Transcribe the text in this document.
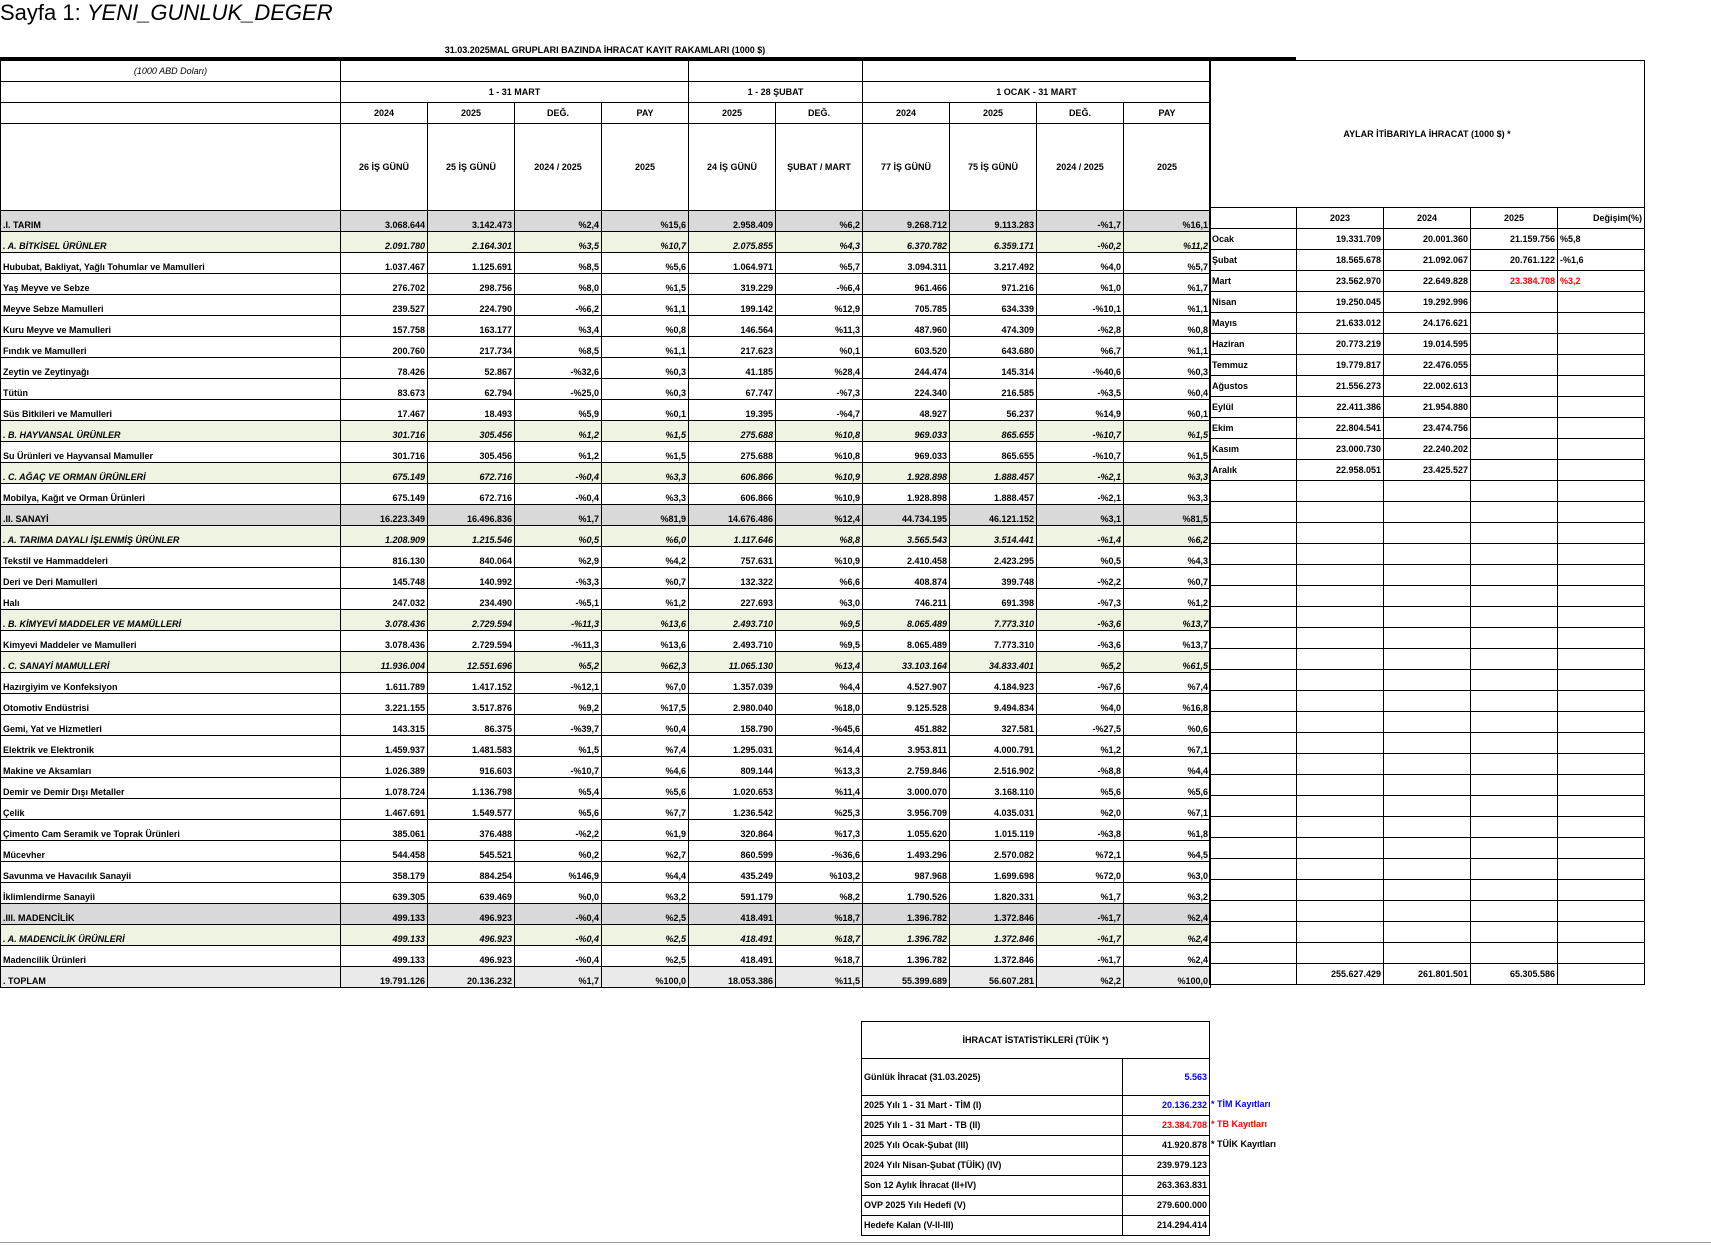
Sayfa 1: YENI_GUNLUK_DEGER
31.03.2025MAL GRUPLARI BAZINDA İHRACAT KAYIT RAKAMLARI (1000 $)
(1000 ABD Doları)										
	1 - 31 MART				1 - 28 ŞUBAT		1 OCAK - 31 MART			
	2024	2025	DEĞ.	PAY	2025	DEĞ.	2024	2025	DEĞ.	PAY
	26 İŞ GÜNÜ	25 İŞ GÜNÜ	2024 / 2025	2025	24 İŞ GÜNÜ	ŞUBAT / MART	77 İŞ GÜNÜ	75 İŞ GÜNÜ	2024 / 2025	2025
.I. TARIM	3.068.644	3.142.473	%2,4	%15,6	2.958.409	%6,2	9.268.712	9.113.283	-%1,7	%16,1
. A. BİTKİSEL ÜRÜNLER	2.091.780	2.164.301	%3,5	%10,7	2.075.855	%4,3	6.370.782	6.359.171	-%0,2	%11,2
Hububat, Bakliyat, Yağlı Tohumlar ve Mamulleri	1.037.467	1.125.691	%8,5	%5,6	1.064.971	%5,7	3.094.311	3.217.492	%4,0	%5,7
Yaş Meyve ve Sebze	276.702	298.756	%8,0	%1,5	319.229	-%6,4	961.466	971.216	%1,0	%1,7
Meyve Sebze Mamulleri	239.527	224.790	-%6,2	%1,1	199.142	%12,9	705.785	634.339	-%10,1	%1,1
Kuru Meyve ve Mamulleri	157.758	163.177	%3,4	%0,8	146.564	%11,3	487.960	474.309	-%2,8	%0,8
Fındık ve Mamulleri	200.760	217.734	%8,5	%1,1	217.623	%0,1	603.520	643.680	%6,7	%1,1
Zeytin ve Zeytinyağı	78.426	52.867	-%32,6	%0,3	41.185	%28,4	244.474	145.314	-%40,6	%0,3
Tütün	83.673	62.794	-%25,0	%0,3	67.747	-%7,3	224.340	216.585	-%3,5	%0,4
Süs Bitkileri ve Mamulleri	17.467	18.493	%5,9	%0,1	19.395	-%4,7	48.927	56.237	%14,9	%0,1
. B. HAYVANSAL ÜRÜNLER	301.716	305.456	%1,2	%1,5	275.688	%10,8	969.033	865.655	-%10,7	%1,5
Su Ürünleri ve Hayvansal Mamuller	301.716	305.456	%1,2	%1,5	275.688	%10,8	969.033	865.655	-%10,7	%1,5
. C. AĞAÇ VE ORMAN ÜRÜNLERİ	675.149	672.716	-%0,4	%3,3	606.866	%10,9	1.928.898	1.888.457	-%2,1	%3,3
Mobilya, Kağıt ve Orman Ürünleri	675.149	672.716	-%0,4	%3,3	606.866	%10,9	1.928.898	1.888.457	-%2,1	%3,3
.II. SANAYİ	16.223.349	16.496.836	%1,7	%81,9	14.676.486	%12,4	44.734.195	46.121.152	%3,1	%81,5
. A. TARIMA DAYALI İŞLENMİŞ ÜRÜNLER	1.208.909	1.215.546	%0,5	%6,0	1.117.646	%8,8	3.565.543	3.514.441	-%1,4	%6,2
Tekstil ve Hammaddeleri	816.130	840.064	%2,9	%4,2	757.631	%10,9	2.410.458	2.423.295	%0,5	%4,3
Deri ve Deri Mamulleri	145.748	140.992	-%3,3	%0,7	132.322	%6,6	408.874	399.748	-%2,2	%0,7
Halı	247.032	234.490	-%5,1	%1,2	227.693	%3,0	746.211	691.398	-%7,3	%1,2
. B. KİMYEVİ MADDELER VE MAMÜLLERİ	3.078.436	2.729.594	-%11,3	%13,6	2.493.710	%9,5	8.065.489	7.773.310	-%3,6	%13,7
Kimyevi Maddeler ve Mamulleri	3.078.436	2.729.594	-%11,3	%13,6	2.493.710	%9,5	8.065.489	7.773.310	-%3,6	%13,7
. C. SANAYİ MAMULLERİ	11.936.004	12.551.696	%5,2	%62,3	11.065.130	%13,4	33.103.164	34.833.401	%5,2	%61,5
Hazırgiyim ve Konfeksiyon	1.611.789	1.417.152	-%12,1	%7,0	1.357.039	%4,4	4.527.907	4.184.923	-%7,6	%7,4
Otomotiv Endüstrisi	3.221.155	3.517.876	%9,2	%17,5	2.980.040	%18,0	9.125.528	9.494.834	%4,0	%16,8
Gemi, Yat ve Hizmetleri	143.315	86.375	-%39,7	%0,4	158.790	-%45,6	451.882	327.581	-%27,5	%0,6
Elektrik ve Elektronik	1.459.937	1.481.583	%1,5	%7,4	1.295.031	%14,4	3.953.811	4.000.791	%1,2	%7,1
Makine ve Aksamları	1.026.389	916.603	-%10,7	%4,6	809.144	%13,3	2.759.846	2.516.902	-%8,8	%4,4
Demir ve Demir Dışı Metaller	1.078.724	1.136.798	%5,4	%5,6	1.020.653	%11,4	3.000.070	3.168.110	%5,6	%5,6
Çelik	1.467.691	1.549.577	%5,6	%7,7	1.236.542	%25,3	3.956.709	4.035.031	%2,0	%7,1
Çimento Cam Seramik ve Toprak Ürünleri	385.061	376.488	-%2,2	%1,9	320.864	%17,3	1.055.620	1.015.119	-%3,8	%1,8
Mücevher	544.458	545.521	%0,2	%2,7	860.599	-%36,6	1.493.296	2.570.082	%72,1	%4,5
Savunma ve Havacılık Sanayii	358.179	884.254	%146,9	%4,4	435.249	%103,2	987.968	1.699.698	%72,0	%3,0
İklimlendirme Sanayii	639.305	639.469	%0,0	%3,2	591.179	%8,2	1.790.526	1.820.331	%1,7	%3,2
.III. MADENCİLİK	499.133	496.923	-%0,4	%2,5	418.491	%18,7	1.396.782	1.372.846	-%1,7	%2,4
. A. MADENCİLİK ÜRÜNLERİ	499.133	496.923	-%0,4	%2,5	418.491	%18,7	1.396.782	1.372.846	-%1,7	%2,4
Madencilik Ürünleri	499.133	496.923	-%0,4	%2,5	418.491	%18,7	1.396.782	1.372.846	-%1,7	%2,4
. TOPLAM	19.791.126	20.136.232	%1,7	%100,0	18.053.386	%11,5	55.399.689	56.607.281	%2,2	%100,0
AYLAR İTİBARIYLA İHRACAT (1000 $) *				
	2023	2024	2025	Değişim(%)
Ocak	19.331.709	20.001.360	21.159.756	%5,8
Şubat	18.565.678	21.092.067	20.761.122	-%1,6
Mart	23.562.970	22.649.828	23.384.708	%3,2
Nisan	19.250.045	19.292.996		
Mayıs	21.633.012	24.176.621		
Haziran	20.773.219	19.014.595		
Temmuz	19.779.817	22.476.055		
Ağustos	21.556.273	22.002.613		
Eylül	22.411.386	21.954.880		
Ekim	22.804.541	23.474.756		
Kasım	23.000.730	22.240.202		
Aralık	22.958.051	23.425.527		

	255.627.429	261.801.501	65.305.586	
İHRACAT İSTATİSTİKLERİ (TÜİK *)	
Günlük İhracat (31.03.2025)	5.563
2025 Yılı 1 - 31 Mart - TİM (I)	20.136.232
2025 Yılı 1 - 31 Mart - TB (II)	23.384.708
2025 Yılı Ocak-Şubat (III)	41.920.878
2024 Yılı Nisan-Şubat (TÜİK) (IV)	239.979.123
Son 12 Aylık İhracat (II+IV)	263.363.831
OVP 2025 Yılı Hedefi (V)	279.600.000
Hedefe Kalan (V-II-III)	214.294.414
* TİM Kayıtları
* TB Kayıtları
* TÜİK Kayıtları
